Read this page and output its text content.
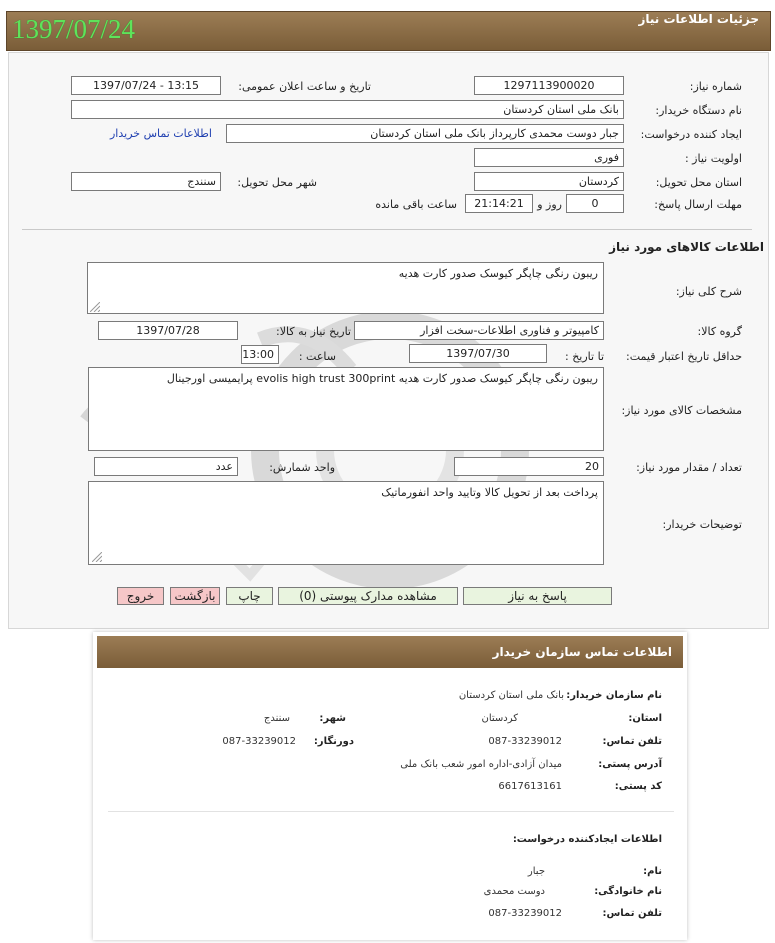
1397/07/24	جزئیات اطلاعات نیاز
شماره نیاز:
1297113900020
تاریخ و ساعت اعلان عمومی:
1397/07/24 - 13:15
نام دستگاه خریدار:
بانک ملی استان کردستان
ایجاد کننده درخواست:
جبار دوست محمدی کارپرداز بانک ملی استان کردستان
اطلاعات تماس خریدار
اولویت نیاز :
فوری
استان محل تحویل:
کردستان
شهر محل تحویل:
سنندج
مهلت ارسال پاسخ:
0
روز و
21:14:21
ساعت باقی مانده
اطلاعات کالاهای مورد نیاز
شرح کلی نیاز:
ریبون رنگی چاپگر کیوسک صدور کارت هدیه
گروه کالا:
کامپیوتر و فناوری اطلاعات-سخت افزار
تاریخ نیاز به کالا:
1397/07/28
حداقل تاریخ اعتبار قیمت:
تا تاریخ :
1397/07/30
ساعت :
13:00
مشخصات کالای مورد نیاز:
ریبون رنگی چاپگر کیوسک صدور کارت هدیه evolis high trust 300print پرایمیسی اورجینال
تعداد / مقدار مورد نیاز:
20
واحد شمارش:
عدد
توضیحات خریدار:
پرداخت بعد از تحویل کالا وتایید واحد انفورماتیک
پاسخ به نیاز
مشاهده مدارک پیوستی (0)
چاپ
بازگشت
خروج
اطلاعات تماس سازمان خریدار
نام سازمان خریدار:
بانک ملی استان کردستان
استان:
کردستان
شهر:
سنندج
تلفن تماس:
087-33239012
دورنگار:
087-33239012
آدرس پستی:
میدان آزادی-اداره امور شعب بانک ملی
کد پستی:
6617613161
اطلاعات ایجادکننده درخواست:
نام:
جبار
نام خانوادگی:
دوست محمدی
تلفن تماس:
087-33239012
